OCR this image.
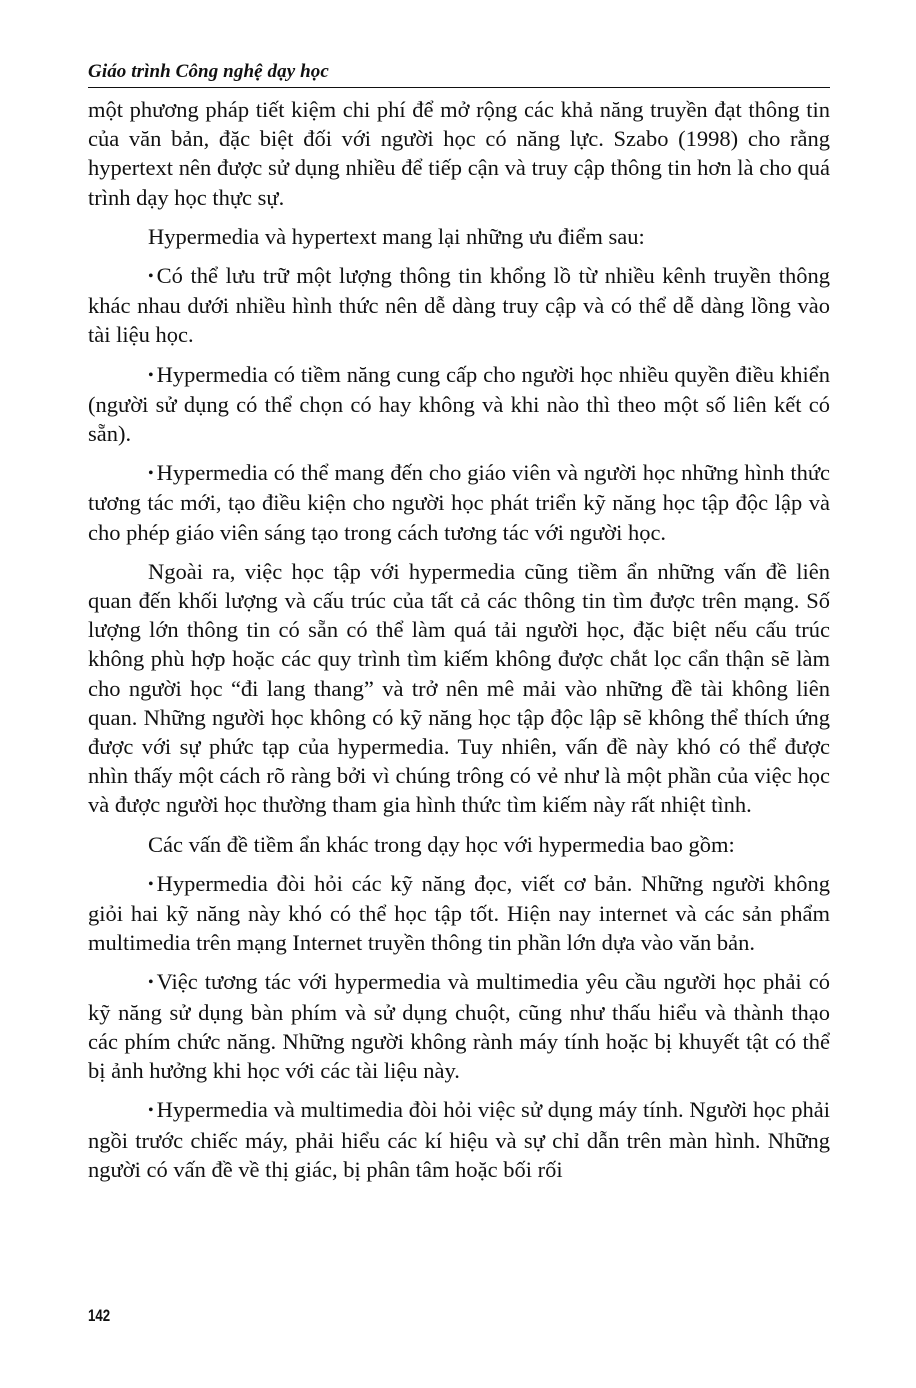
Giáo trình Công nghệ dạy học

một phương pháp tiết kiệm chi phí để mở rộng các khả năng truyền đạt thông tin của văn bản, đặc biệt đối với người học có năng lực. Szabo (1998) cho rằng hypertext nên được sử dụng nhiều để tiếp cận và truy cập thông tin hơn là cho quá trình dạy học thực sự.

Hypermedia và hypertext mang lại những ưu điểm sau:

• Có thể lưu trữ một lượng thông tin khổng lồ từ nhiều kênh truyền thông khác nhau dưới nhiều hình thức nên dễ dàng truy cập và có thể dễ dàng lồng vào tài liệu học.

• Hypermedia có tiềm năng cung cấp cho người học nhiều quyền điều khiển (người sử dụng có thể chọn có hay không và khi nào thì theo một số liên kết có sẵn).

• Hypermedia có thể mang đến cho giáo viên và người học những hình thức tương tác mới, tạo điều kiện cho người học phát triển kỹ năng học tập độc lập và cho phép giáo viên sáng tạo trong cách tương tác với người học.

Ngoài ra, việc học tập với hypermedia cũng tiềm ẩn những vấn đề liên quan đến khối lượng và cấu trúc của tất cả các thông tin tìm được trên mạng. Số lượng lớn thông tin có sẵn có thể làm quá tải người học, đặc biệt nếu cấu trúc không phù hợp hoặc các quy trình tìm kiếm không được chắt lọc cẩn thận sẽ làm cho người học “đi lang thang” và trở nên mê mải vào những đề tài không liên quan. Những người học không có kỹ năng học tập độc lập sẽ không thể thích ứng được với sự phức tạp của hypermedia. Tuy nhiên, vấn đề này khó có thể được nhìn thấy một cách rõ ràng bởi vì chúng trông có vẻ như là một phần của việc học và được người học thường tham gia hình thức tìm kiếm này rất nhiệt tình.

Các vấn đề tiềm ẩn khác trong dạy học với hypermedia bao gồm:

• Hypermedia đòi hỏi các kỹ năng đọc, viết cơ bản. Những người không giỏi hai kỹ năng này khó có thể học tập tốt. Hiện nay internet và các sản phẩm multimedia trên mạng Internet truyền thông tin phần lớn dựa vào văn bản.

• Việc tương tác với hypermedia và multimedia yêu cầu người học phải có kỹ năng sử dụng bàn phím và sử dụng chuột, cũng như thấu hiểu và thành thạo các phím chức năng. Những người không rành máy tính hoặc bị khuyết tật có thể bị ảnh hưởng khi học với các tài liệu này.

• Hypermedia và multimedia đòi hỏi việc sử dụng máy tính. Người học phải ngồi trước chiếc máy, phải hiểu các kí hiệu và sự chỉ dẫn trên màn hình. Những người có vấn đề về thị giác, bị phân tâm hoặc bối rối

142
